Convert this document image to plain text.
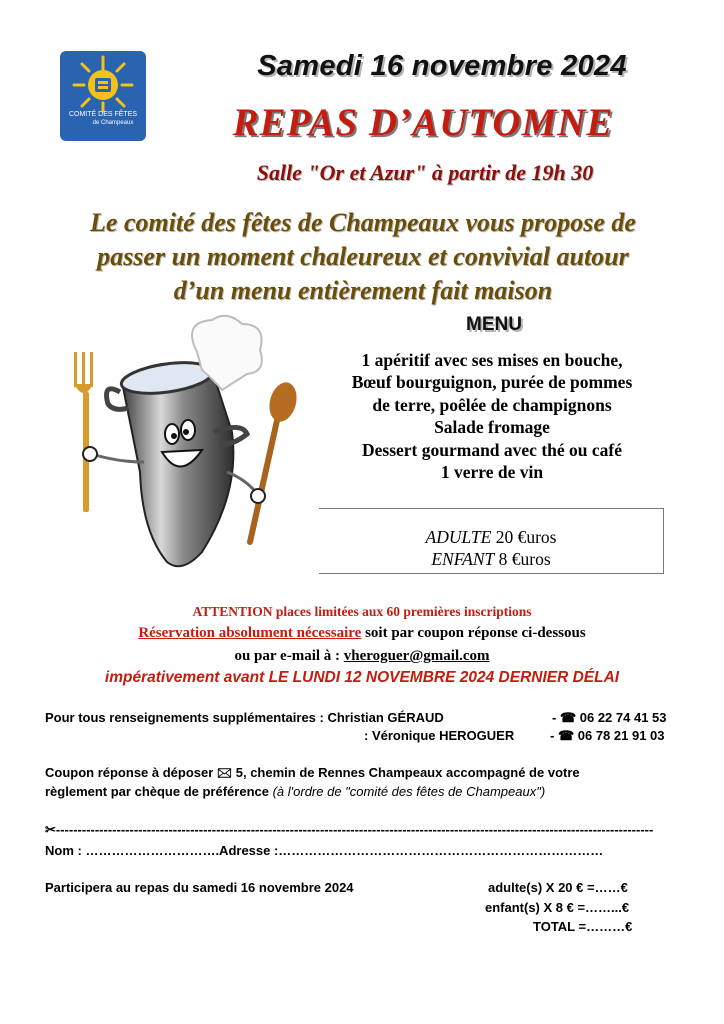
COMITÉ DES FÊTES
de Champeaux
Samedi 16 novembre 2024
REPAS D’AUTOMNE
Salle "Or et Azur" à partir de 19h 30
Le comité des fêtes de Champeaux vous propose de
passer un moment chaleureux et convivial autour
d’un menu entièrement fait maison
MENU
1 apéritif avec ses mises en bouche,
Bœuf bourguignon, purée de pommes
de terre, poêlée de champignons
Salade fromage
Dessert gourmand avec thé ou café
1 verre de vin
ADULTE 20 €uros
ENFANT 8 €uros
ATTENTION places limitées aux 60 premières inscriptions
Réservation absolument nécessaire soit par coupon réponse ci-dessous
ou par e-mail à : vheroguer@gmail.com
impérativement avant LE LUNDI 12 NOVEMBRE 2024 DERNIER DÉLAI
Pour tous renseignements supplémentaires : Christian GÉRAUD
: Véronique HEROGUER
- ☎ 06 22 74 41 53
- ☎ 06 78 21 91 03
Coupon réponse à déposer 🖂 5, chemin de Rennes Champeaux accompagné de votre
règlement par chèque de préférence (à l'ordre de "comité des fêtes de Champeaux")
✂------------------------------------------------------------------------------------------------------------------------------------------
Nom : ………………………….Adresse :…………………………………………………………………
Participera au repas du samedi 16 novembre 2024	adulte(s) X 20 € =……€
enfant(s) X 8 € =……...€
TOTAL =………€
